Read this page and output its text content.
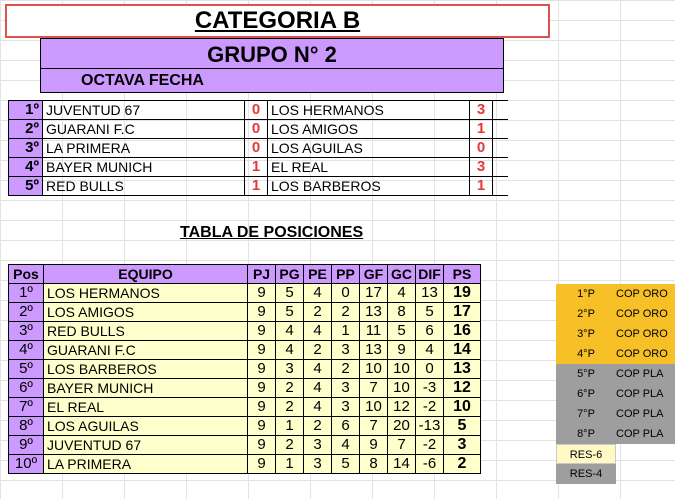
CATEGORIA B
GRUPO N° 2
OCTAVA FECHA
1º	JUVENTUD 67	0	LOS HERMANOS	3	
2º	GUARANI F.C	0	LOS AMIGOS	1	
3º	LA PRIMERA	0	LOS AGUILAS	0	
4º	BAYER MUNICH	1	EL REAL	3	
5º	RED BULLS	1	LOS BARBEROS	1	
TABLA DE POSICIONES
Pos	EQUIPO	PJ	PG	PE	PP	GF	GC	DIF	PS
1º	LOS HERMANOS	9	5	4	0	17	4	13	19
2º	LOS AMIGOS	9	5	2	2	13	8	5	17
3º	RED BULLS	9	4	4	1	11	5	6	16
4º	GUARANI F.C	9	4	2	3	13	9	4	14
5º	LOS BARBEROS	9	3	4	2	10	10	0	13
6º	BAYER MUNICH	9	2	4	3	7	10	-3	12
7º	EL REAL	9	2	4	3	10	12	-2	10
8º	LOS AGUILAS	9	1	2	6	7	20	-13	5
9º	JUVENTUD 67	9	2	3	4	9	7	-2	3
10º	LA PRIMERA	9	1	3	5	8	14	-6	2
1°P COP ORO
2°P COP ORO
3°P COP ORO
4°P COP ORO
5°P COP PLA
6°P COP PLA
7°P COP PLA
8°P COP PLA
RES-6
RES-4
